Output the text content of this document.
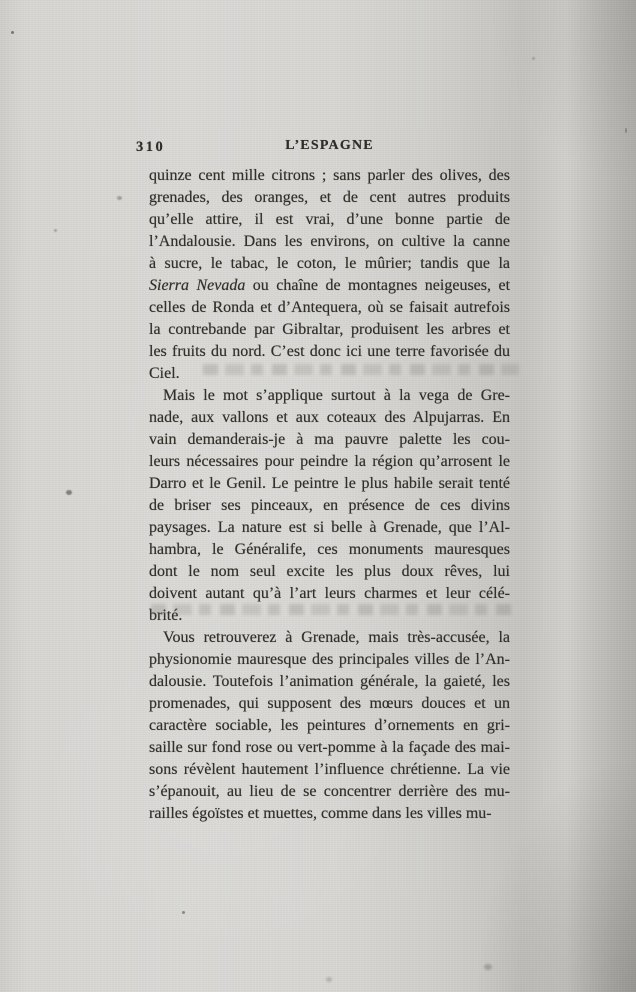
310	L’ESPAGNE
quinze cent mille citrons ; sans parler des olives, des
grenades, des oranges, et de cent autres produits
qu’elle attire, il est vrai, d’une bonne partie de
l’Andalousie. Dans les environs, on cultive la canne
à sucre, le tabac, le coton, le mûrier; tandis que la
Sierra Nevada ou chaîne de montagnes neigeuses, et
celles de Ronda et d’Antequera, où se faisait autrefois
la contrebande par Gibraltar, produisent les arbres et
les fruits du nord. C’est donc ici une terre favorisée du
Ciel.
Mais le mot s’applique surtout à la vega de Gre-
nade, aux vallons et aux coteaux des Alpujarras. En
vain demanderais-je à ma pauvre palette les cou-
leurs nécessaires pour peindre la région qu’arrosent le
Darro et le Genil. Le peintre le plus habile serait tenté
de briser ses pinceaux, en présence de ces divins
paysages. La nature est si belle à Grenade, que l’Al-
hambra, le Généralife, ces monuments mauresques
dont le nom seul excite les plus doux rêves, lui
doivent autant qu’à l’art leurs charmes et leur célé-
brité.
Vous retrouverez à Grenade, mais très-accusée, la
physionomie mauresque des principales villes de l’An-
dalousie. Toutefois l’animation générale, la gaieté, les
promenades, qui supposent des mœurs douces et un
caractère sociable, les peintures d’ornements en gri-
saille sur fond rose ou vert-pomme à la façade des mai-
sons révèlent hautement l’influence chrétienne. La vie
s’épanouit, au lieu de se concentrer derrière des mu-
railles égoïstes et muettes, comme dans les villes mu-
